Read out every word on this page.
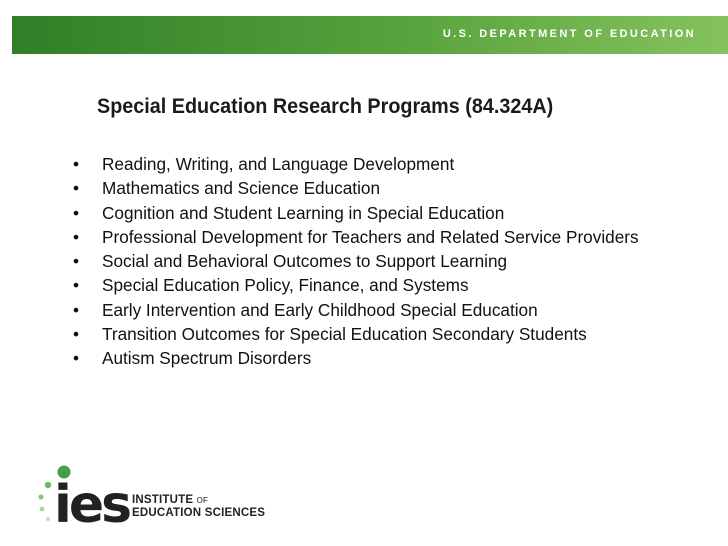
U.S. DEPARTMENT OF EDUCATION
Special Education Research Programs (84.324A)
• Reading, Writing, and Language Development
• Mathematics and Science Education
• Cognition and Student Learning in Special Education
• Professional Development for Teachers and Related Service Providers
• Social and Behavioral Outcomes to Support Learning
• Special Education Policy, Finance, and Systems
• Early Intervention and Early Childhood Special Education
• Transition Outcomes for Special Education Secondary Students
• Autism Spectrum Disorders
ies INSTITUTE OF
EDUCATION SCIENCES
